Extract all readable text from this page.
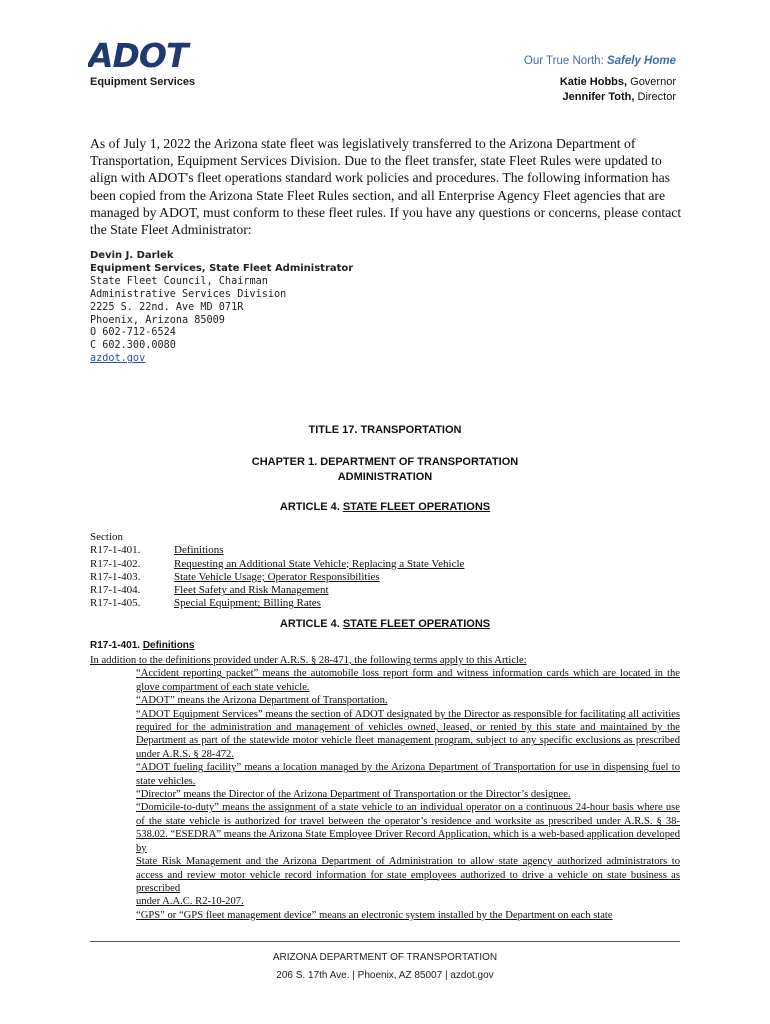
ADOT
Equipment Services
Our True North: Safely Home
Katie Hobbs, Governor
Jennifer Toth, Director
As of July 1, 2022 the Arizona state fleet was legislatively transferred to the Arizona Department of Transportation, Equipment Services Division. Due to the fleet transfer, state Fleet Rules were updated to align with ADOT's fleet operations standard work policies and procedures. The following information has been copied from the Arizona State Fleet Rules section, and all Enterprise Agency Fleet agencies that are managed by ADOT, must conform to these fleet rules. If you have any questions or concerns, please contact the State Fleet Administrator:
Devin J. Darlek
Equipment Services, State Fleet Administrator
State Fleet Council, Chairman
Administrative Services Division
2225 S. 22nd. Ave MD 071R
Phoenix, Arizona 85009
O 602-712-6524
C 602.300.0080
azdot.gov
TITLE 17. TRANSPORTATION
CHAPTER 1. DEPARTMENT OF TRANSPORTATION
ADMINISTRATION
ARTICLE 4. STATE FLEET OPERATIONS
Section
R17-1-401.	Definitions
R17-1-402.	Requesting an Additional State Vehicle; Replacing a State Vehicle
R17-1-403.	State Vehicle Usage; Operator Responsibilities
R17-1-404.	Fleet Safety and Risk Management
R17-1-405.	Special Equipment; Billing Rates
ARTICLE 4. STATE FLEET OPERATIONS
R17-1-401. Definitions
In addition to the definitions provided under A.R.S. § 28-471, the following terms apply to this Article:
“Accident reporting packet” means the automobile loss report form and witness information cards which are located in the glove compartment of each state vehicle.
“ADOT” means the Arizona Department of Transportation.
“ADOT Equipment Services” means the section of ADOT designated by the Director as responsible for facilitating all activities required for the administration and management of vehicles owned, leased, or rented by this state and maintained by the Department as part of the statewide motor vehicle fleet management program, subject to any specific exclusions as prescribed under A.R.S. § 28-472.
“ADOT fueling facility” means a location managed by the Arizona Department of Transportation for use in dispensing fuel to state vehicles.
“Director” means the Director of the Arizona Department of Transportation or the Director’s designee.
“Domicile-to-duty” means the assignment of a state vehicle to an individual operator on a continuous 24-hour basis where use of the state vehicle is authorized for travel between the operator’s residence and worksite as prescribed under A.R.S. § 38-538.02. “ESEDRA” means the Arizona State Employee Driver Record Application, which is a web-based application developed by
State Risk Management and the Arizona Department of Administration to allow state agency authorized administrators to access and review motor vehicle record information for state employees authorized to drive a vehicle on state business as prescribed
under A.A.C. R2-10-207.
“GPS” or “GPS fleet management device” means an electronic system installed by the Department on each state
ARIZONA DEPARTMENT OF TRANSPORTATION
206 S. 17th Ave. | Phoenix, AZ 85007 | azdot.gov
